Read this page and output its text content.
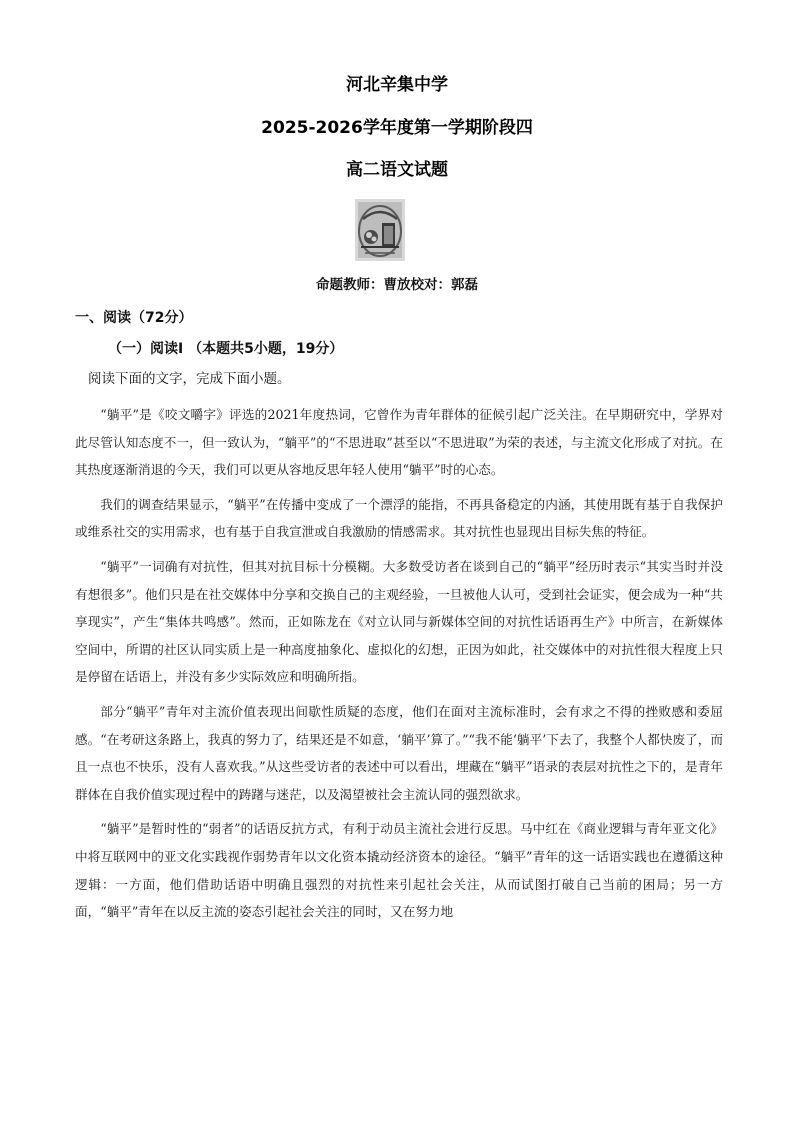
河北辛集中学
2025-2026学年度第一学期阶段四
高二语文试题
命题教师：曹放校对：郭磊
一、阅读（72分）
（一）阅读Ⅰ （本题共5小题，19分）
阅读下面的文字，完成下面小题。

“躺平”是《咬文嚼字》评选的2021年度热词，它曾作为青年群体的征候引起广泛关注。在早期研究中，学界对此尽管认知态度不一，但一致认为，“躺平”的“不思进取”甚至以“不思进取”为荣的表述，与主流文化形成了对抗。在其热度逐渐消退的今天，我们可以更从容地反思年轻人使用“躺平”时的心态。

我们的调查结果显示，“躺平”在传播中变成了一个漂浮的能指，不再具备稳定的内涵，其使用既有基于自我保护或维系社交的实用需求，也有基于自我宣泄或自我激励的情感需求。其对抗性也显现出目标失焦的特征。

“躺平”一词确有对抗性，但其对抗目标十分模糊。大多数受访者在谈到自己的“躺平”经历时表示“其实当时并没有想很多”。他们只是在社交媒体中分享和交换自己的主观经验，一旦被他人认可，受到社会证实，便会成为一种“共享现实”，产生“集体共鸣感”。然而，正如陈龙在《对立认同与新媒体空间的对抗性话语再生产》中所言，在新媒体空间中，所谓的社区认同实质上是一种高度抽象化、虚拟化的幻想，正因为如此，社交媒体中的对抗性很大程度上只是停留在话语上，并没有多少实际效应和明确所指。

部分“躺平”青年对主流价值表现出间歇性质疑的态度，他们在面对主流标准时，会有求之不得的挫败感和委屈感。“在考研这条路上，我真的努力了，结果还是不如意，‘躺平’算了。”“我不能‘躺平’下去了，我整个人都快废了，而且一点也不快乐，没有人喜欢我。”从这些受访者的表述中可以看出，埋藏在“躺平”语录的表层对抗性之下的，是青年群体在自我价值实现过程中的踌躇与迷茫，以及渴望被社会主流认同的强烈欲求。

“躺平”是暂时性的“弱者”的话语反抗方式，有利于动员主流社会进行反思。马中红在《商业逻辑与青年亚文化》中将互联网中的亚文化实践视作弱势青年以文化资本撬动经济资本的途径。“躺平”青年的这一话语实践也在遵循这种逻辑：一方面，他们借助话语中明确且强烈的对抗性来引起社会关注，从而试图打破自己当前的困局；另一方面，“躺平”青年在以反主流的姿态引起社会关注的同时，又在努力地
